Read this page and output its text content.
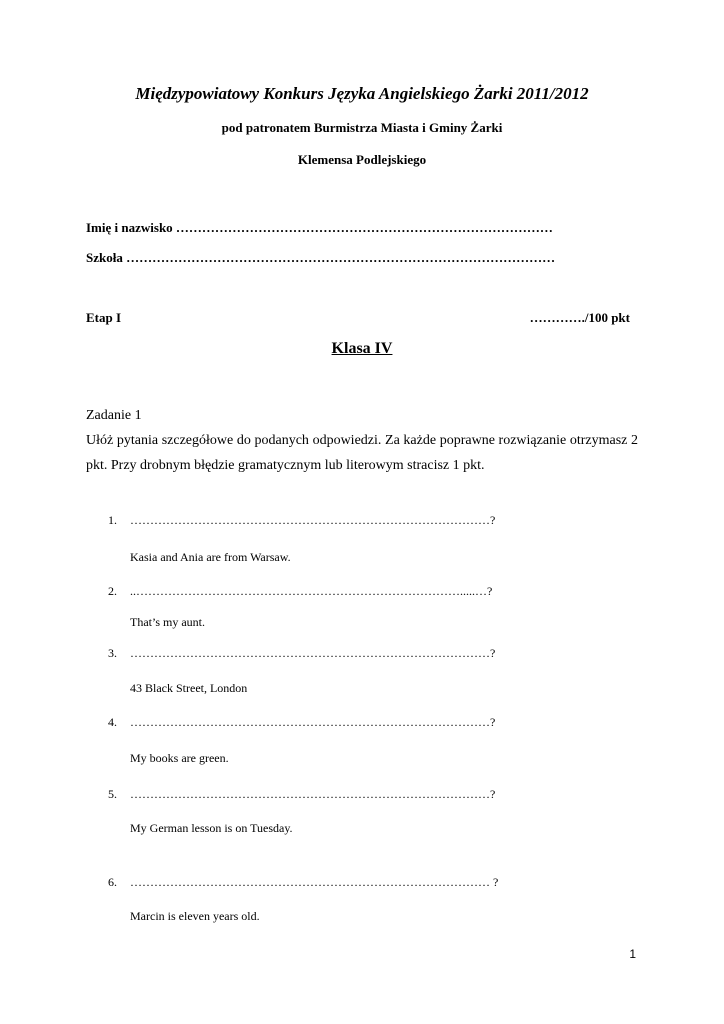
Międzypowiatowy Konkurs Języka Angielskiego Żarki 2011/2012
pod patronatem Burmistrza Miasta i Gminy Żarki
Klemensa Podlejskiego
Imię i nazwisko ……………………………………………………………………………
Szkoła ………………………………………………………………………………………
Etap I	…………./100 pkt
Klasa IV
Zadanie 1
Ułóż pytania szczegółowe do podanych odpowiedzi. Za każde poprawne rozwiązanie otrzymasz 2 pkt. Przy drobnym błędzie gramatycznym lub literowym stracisz 1 pkt.
1. ………………………………………………………………………………?
Kasia and Ania are from Warsaw.
2. ..……………………………………………………………………….....…?
That’s my aunt.
3. ………………………………………………………………………………?
43 Black Street, London
4. ………………………………………………………………………………?
My books are green.
5. ………………………………………………………………………………?
My German lesson is on Tuesday.
6. ……………………………………………………………………………… ?
Marcin is eleven years old.
1
